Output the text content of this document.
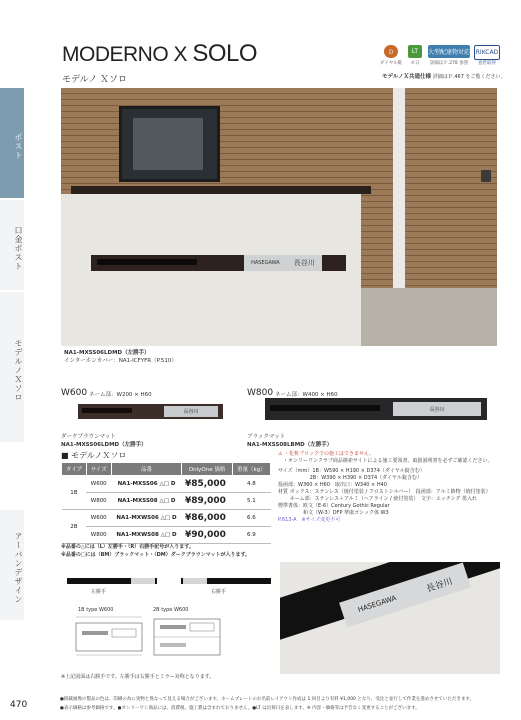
ポスト
口金ポスト
モデルノＸソロ
アーバンデザイン
MODERNO X SOLO
モデルノ Ｘソロ
Ｄ
ダイヤル錠
LT
８日
大型配達物対応
詳細はＰ.278 参照
RIKCAD
意匠取得
モデルノＸ共通仕様 詳細はＰ.467 をご覧ください。
HASEGAWA 長谷川
NA1-MXSS06LDMD（左勝手）
インターホンカバー：NA1-ICFYFR（P.510）
W600 ネーム部：W200 × H60
長谷川
ダークブラウンマット
NA1-MXSS06LDMD（左勝手）
W800 ネーム部：W400 × H60
長谷川
ブラックマット
NA1-MXSS08LBMD（左勝手）
■ モデルノＸソロ
タイプ	サイズ	品番	OnlyOne 価格	重量（kg）
1B	W600	NA1-MXSS06 △□ D	¥85,000	4.8
	W800	NA1-MXSS08 △□ D	¥89,000	5.1
2B	W600	NA1-MXWS06 △□ D	¥86,000	6.6
	W800	NA1-MXWS08 △□ D	¥90,000	6.9
※品番の△には（L）左勝手・（R）右勝手記号が入ります。
※品番の□には（BM）ブラックマット・（DM）ダークブラウンマットが入ります。
⚠ ・化粧ブロックでの施工はできません。
　・オンリーワンクラブ商品検索サイトによる施工要領書、取扱説明書を必ずご確認ください。
サイズ（mm）1B：W590 × H190 × D374（ダイヤル錠含む）
　　　　　　 2B：W390 × H390 × D374（ダイヤル錠含む）
投函部：W360 × H60　取出口：W340 × H40
材質 ボックス：ステンレス（焼付塗装 / フロストシルバー）　投函部：アルミ鋳物（焼付塗装）
　　 ネーム部：ステンレス＋アルミ（ヘアライン / 焼付塗装）　文字：エッチング 墨入れ
標準書体：欧文（E-6）Century Gothic Regular
　　　　　和文（W-3）DFP 華康ゴシック体 W3
P.613-A　※サイズ変更不可
左勝手	右勝手
1B type W600	2B type W600
※上記図面は右勝手です。左勝手は右勝手とミラー対称となります。
HASEGAWA
長谷川
470
●掲載画像の製品の色は、印刷の為に実物と異なって見える場合がございます。ネームプレートのお名前レイアウト作成は 1 回目より有料 ¥1,000 となり、受注と並行して作業を進めさせていただきます。
●表示価格は参考価格です。●オンリーワン商品には、消費税、施工費は含まれておりません。●LT は出荷日を表します。※ 内容・価格等は予告なく変更することがございます。
